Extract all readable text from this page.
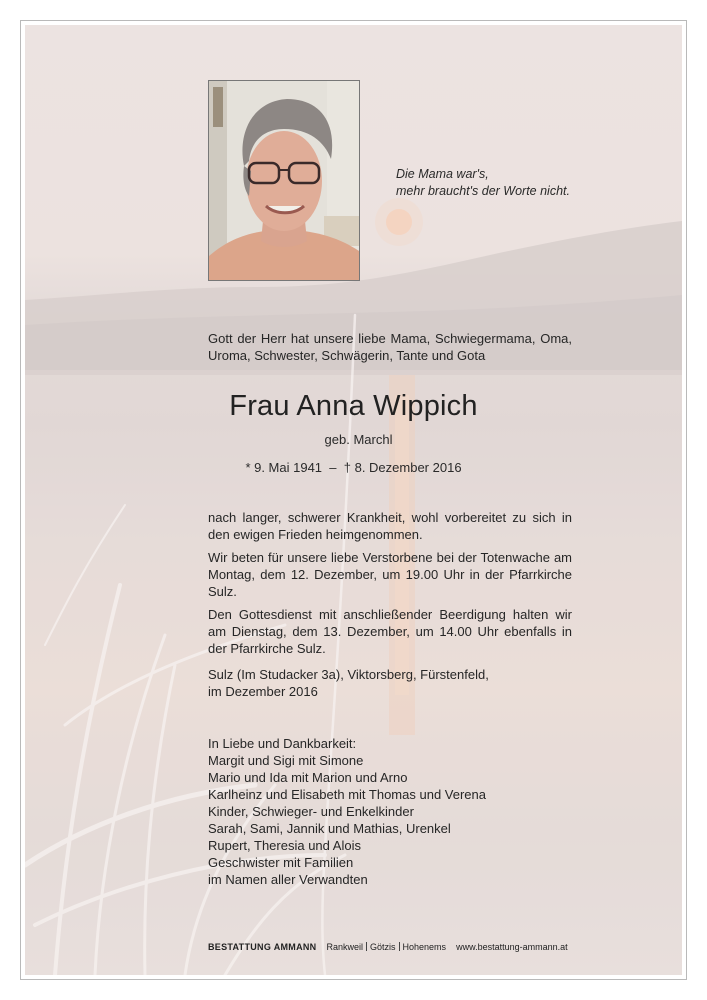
Die Mama war's,
mehr braucht's der Worte nicht.
Gott der Herr hat unsere liebe Mama, Schwiegermama, Oma, Uroma, Schwester, Schwägerin, Tante und Gota
Frau Anna Wippich
geb. Marchl
* 9. Mai 1941 – † 8. Dezember 2016

nach langer, schwerer Krankheit, wohl vorbereitet zu sich in den ewigen Frieden heimgenommen.

Wir beten für unsere liebe Verstorbene bei der Totenwache am Montag, dem 12. Dezember, um 19.00 Uhr in der Pfarrkirche Sulz.

Den Gottesdienst mit anschließender Beerdigung halten wir am Dienstag, dem 13. Dezember, um 14.00 Uhr ebenfalls in der Pfarrkirche Sulz.

Sulz (Im Studacker 3a), Viktorsberg, Fürstenfeld,
im Dezember 2016
In Liebe und Dankbarkeit:
Margit und Sigi mit Simone
Mario und Ida mit Marion und Arno
Karlheinz und Elisabeth mit Thomas und Verena
Kinder, Schwieger- und Enkelkinder
Sarah, Sami, Jannik und Mathias, Urenkel
Rupert, Theresia und Alois
Geschwister mit Familien
im Namen aller Verwandten
BESTATTUNG AMMANN Rankweil Götzis Hohenems www.bestattung-ammann.at
